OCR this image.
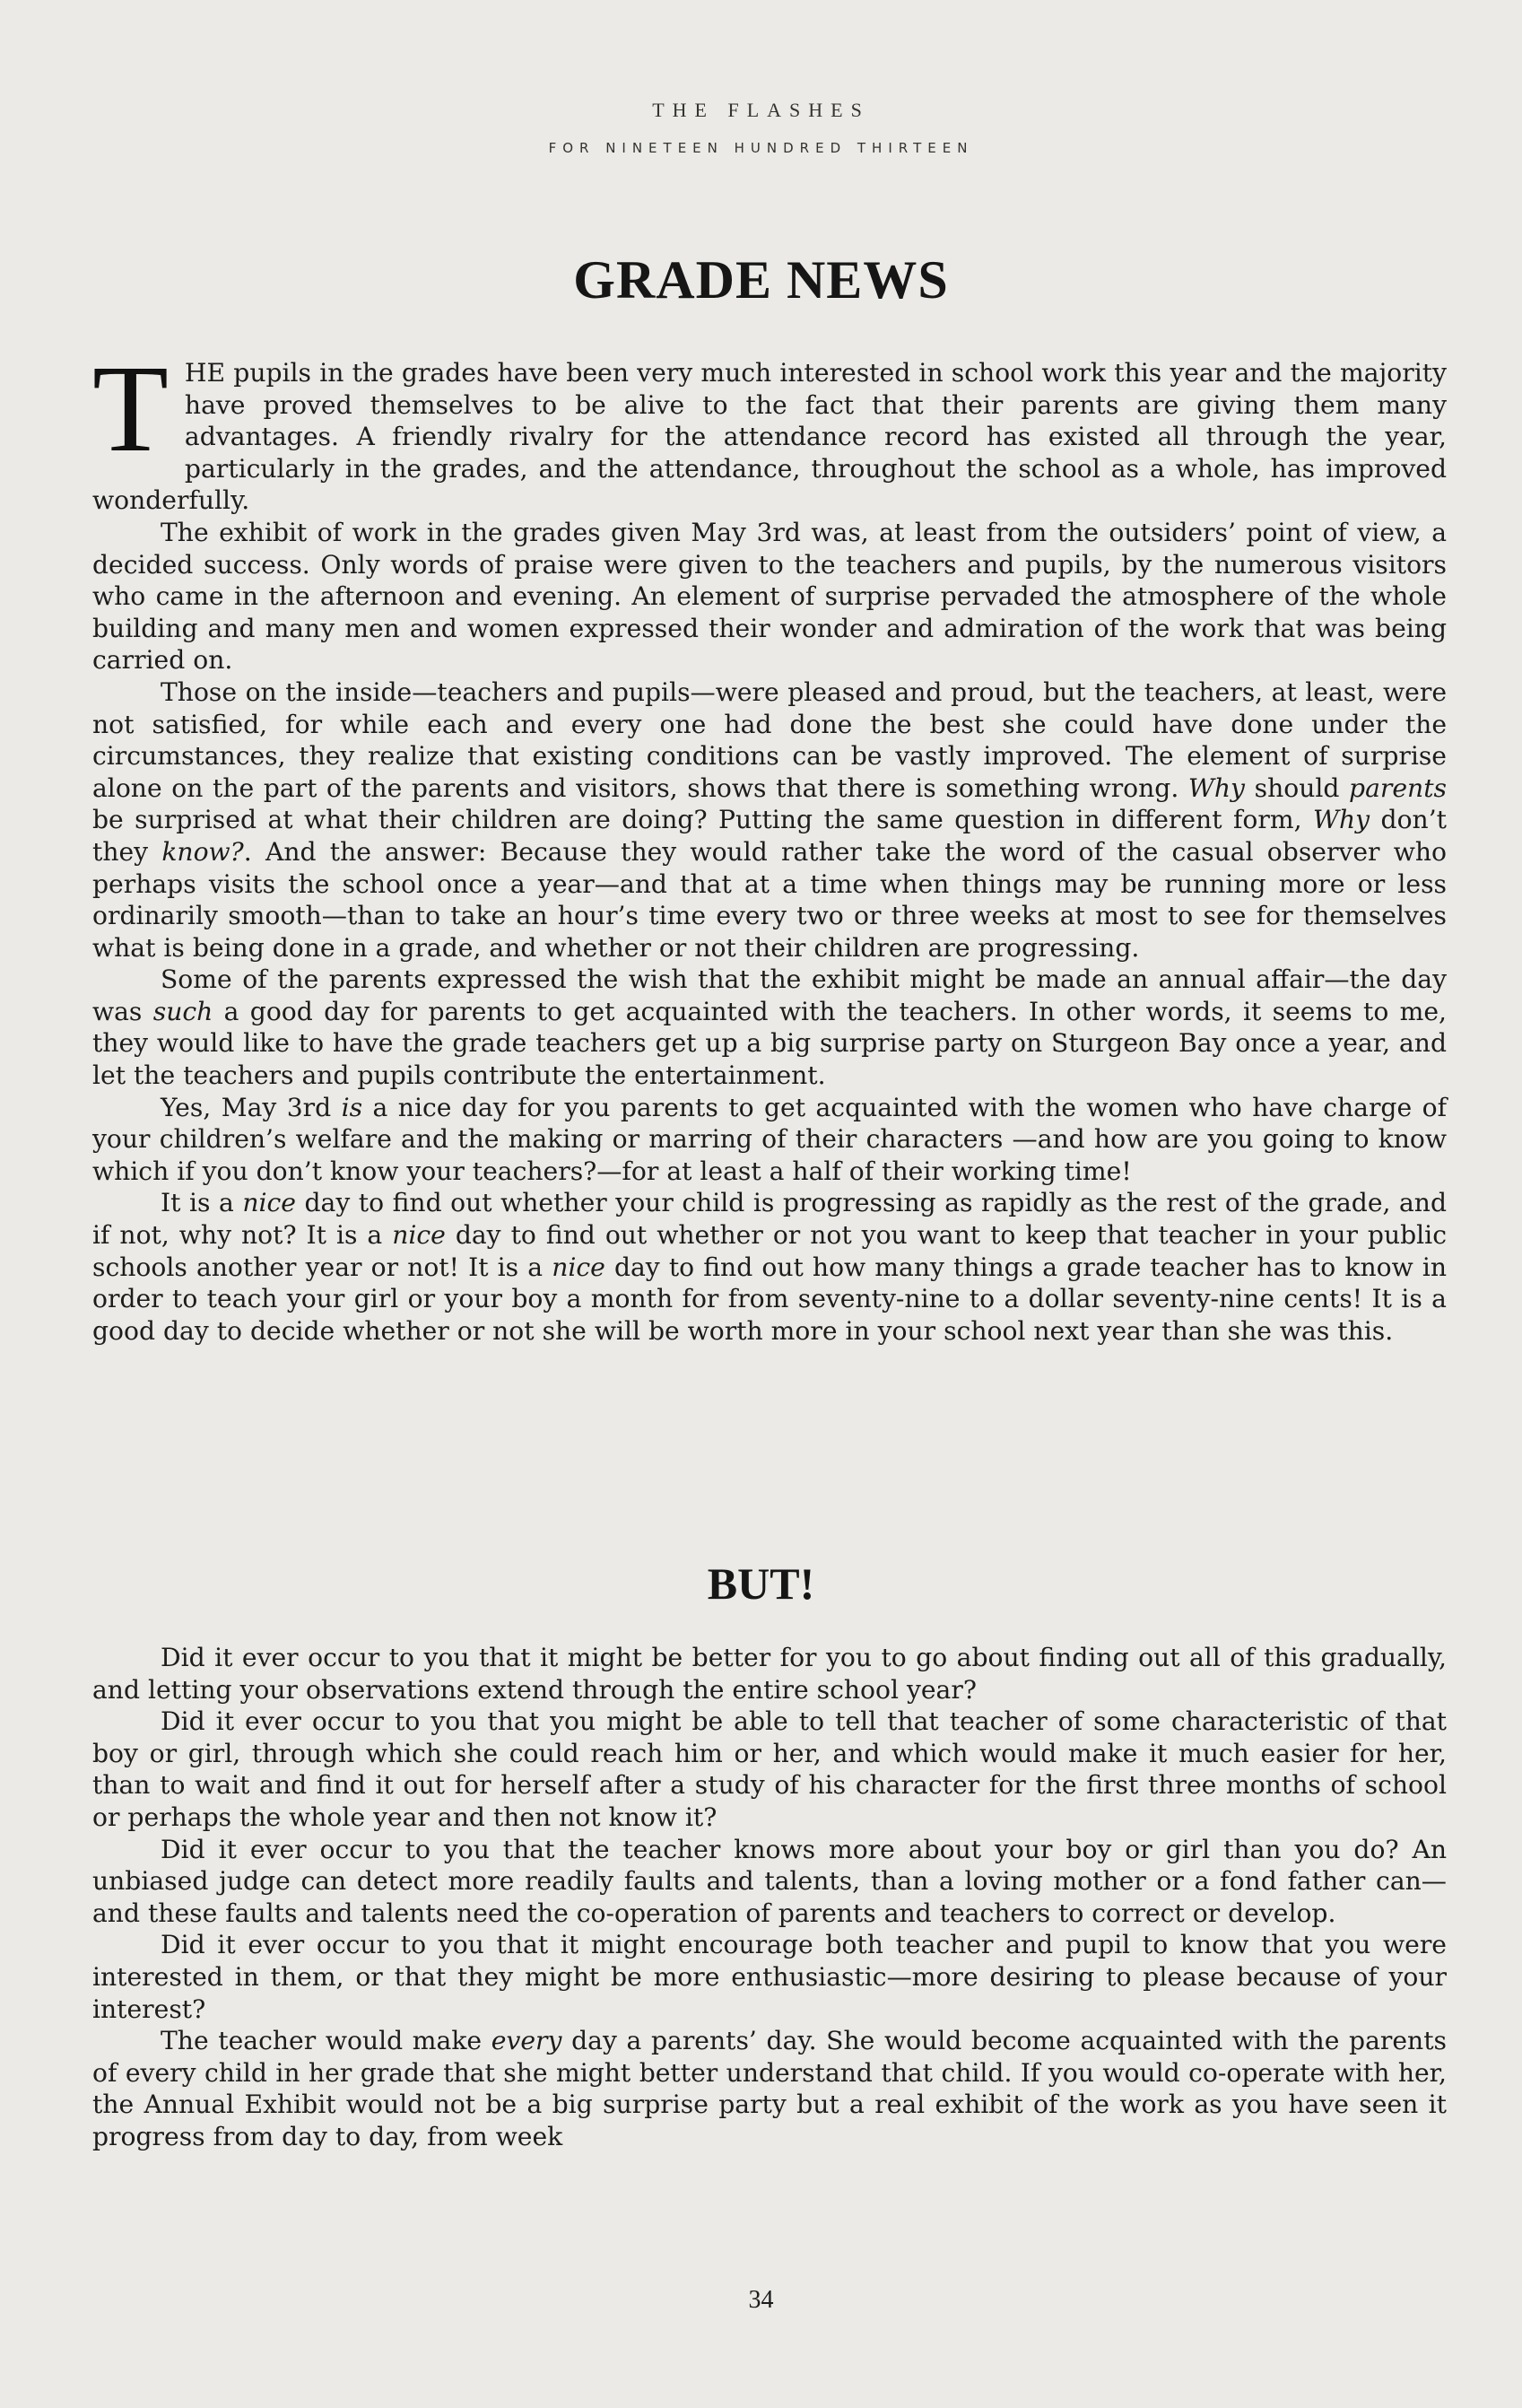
THE FLASHES
FOR NINETEEN HUNDRED THIRTEEN
GRADE NEWS

THE pupils in the grades have been very much interested in school work this year and the majority have proved themselves to be alive to the fact that their parents are giving them many advantages. A friendly rivalry for the attendance record has existed all through the year, particularly in the grades, and the attendance, throughout the school as a whole, has improved wonderfully.

The exhibit of work in the grades given May 3rd was, at least from the outsiders’ point of view, a decided success. Only words of praise were given to the teachers and pupils, by the numerous visitors who came in the afternoon and evening. An element of surprise pervaded the atmosphere of the whole building and many men and women expressed their wonder and admiration of the work that was being carried on.

Those on the inside—teachers and pupils—were pleased and proud, but the teachers, at least, were not satisfied, for while each and every one had done the best she could have done under the circumstances, they realize that existing conditions can be vastly improved. The element of surprise alone on the part of the parents and visitors, shows that there is something wrong. Why should parents be surprised at what their children are doing? Putting the same question in different form, Why don’t they know?. And the answer: Because they would rather take the word of the casual observer who perhaps visits the school once a year—and that at a time when things may be running more or less ordinarily smooth—than to take an hour’s time every two or three weeks at most to see for themselves what is being done in a grade, and whether or not their children are progressing.

Some of the parents expressed the wish that the exhibit might be made an annual affair—the day was such a good day for parents to get acquainted with the teachers. In other words, it seems to me, they would like to have the grade teachers get up a big surprise party on Sturgeon Bay once a year, and let the teachers and pupils contribute the entertainment.

Yes, May 3rd is a nice day for you parents to get acquainted with the women who have charge of your children’s welfare and the making or marring of their characters —and how are you going to know which if you don’t know your teachers?—for at least a half of their working time!

It is a nice day to find out whether your child is progressing as rapidly as the rest of the grade, and if not, why not? It is a nice day to find out whether or not you want to keep that teacher in your public schools another year or not! It is a nice day to find out how many things a grade teacher has to know in order to teach your girl or your boy a month for from seventy-nine to a dollar seventy-nine cents! It is a good day to decide whether or not she will be worth more in your school next year than she was this.

BUT!

Did it ever occur to you that it might be better for you to go about finding out all of this gradually, and letting your observations extend through the entire school year?

Did it ever occur to you that you might be able to tell that teacher of some characteristic of that boy or girl, through which she could reach him or her, and which would make it much easier for her, than to wait and find it out for herself after a study of his character for the first three months of school or perhaps the whole year and then not know it?

Did it ever occur to you that the teacher knows more about your boy or girl than you do? An unbiased judge can detect more readily faults and talents, than a loving mother or a fond father can—and these faults and talents need the co-operation of parents and teachers to correct or develop.

Did it ever occur to you that it might encourage both teacher and pupil to know that you were interested in them, or that they might be more enthusiastic—more desiring to please because of your interest?

The teacher would make every day a parents’ day. She would become acquainted with the parents of every child in her grade that she might better understand that child. If you would co-operate with her, the Annual Exhibit would not be a big surprise party but a real exhibit of the work as you have seen it progress from day to day, from week

34
